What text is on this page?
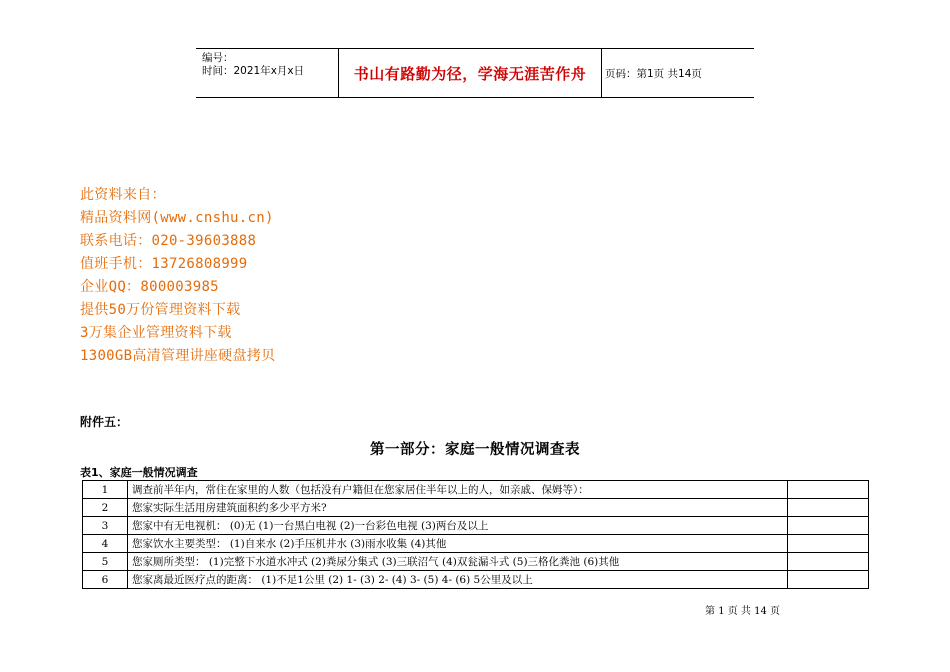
编号：
时间：2021年x月x日	书山有路勤为径，学海无涯苦作舟	页码：第1页 共14页
此资料来自：
精品资料网(www.cnshu.cn)
联系电话：020-39603888
值班手机：13726808999
企业QQ：800003985
提供50万份管理资料下载
3万集企业管理资料下载
1300GB高清管理讲座硬盘拷贝
附件五：
第一部分：家庭一般情况调查表
表1、家庭一般情况调查
1	调查前半年内，常住在家里的人数（包括没有户籍但在您家居住半年以上的人，如亲戚、保姆等）：	
2	您家实际生活用房建筑面积约多少平方米?	
3	您家中有无电视机： (0)无 (1)一台黑白电视 (2)一台彩色电视 (3)两台及以上	
4	您家饮水主要类型： (1)自来水 (2)手压机井水 (3)雨水收集 (4)其他	
5	您家厕所类型： (1)完整下水道水冲式 (2)粪尿分集式 (3)三联沼气 (4)双瓮漏斗式 (5)三格化粪池 (6)其他	
6	您家离最近医疗点的距离： (1)不足1公里 (2) 1- (3) 2- (4) 3- (5) 4- (6) 5公里及以上	
第 1 页 共 14 页
